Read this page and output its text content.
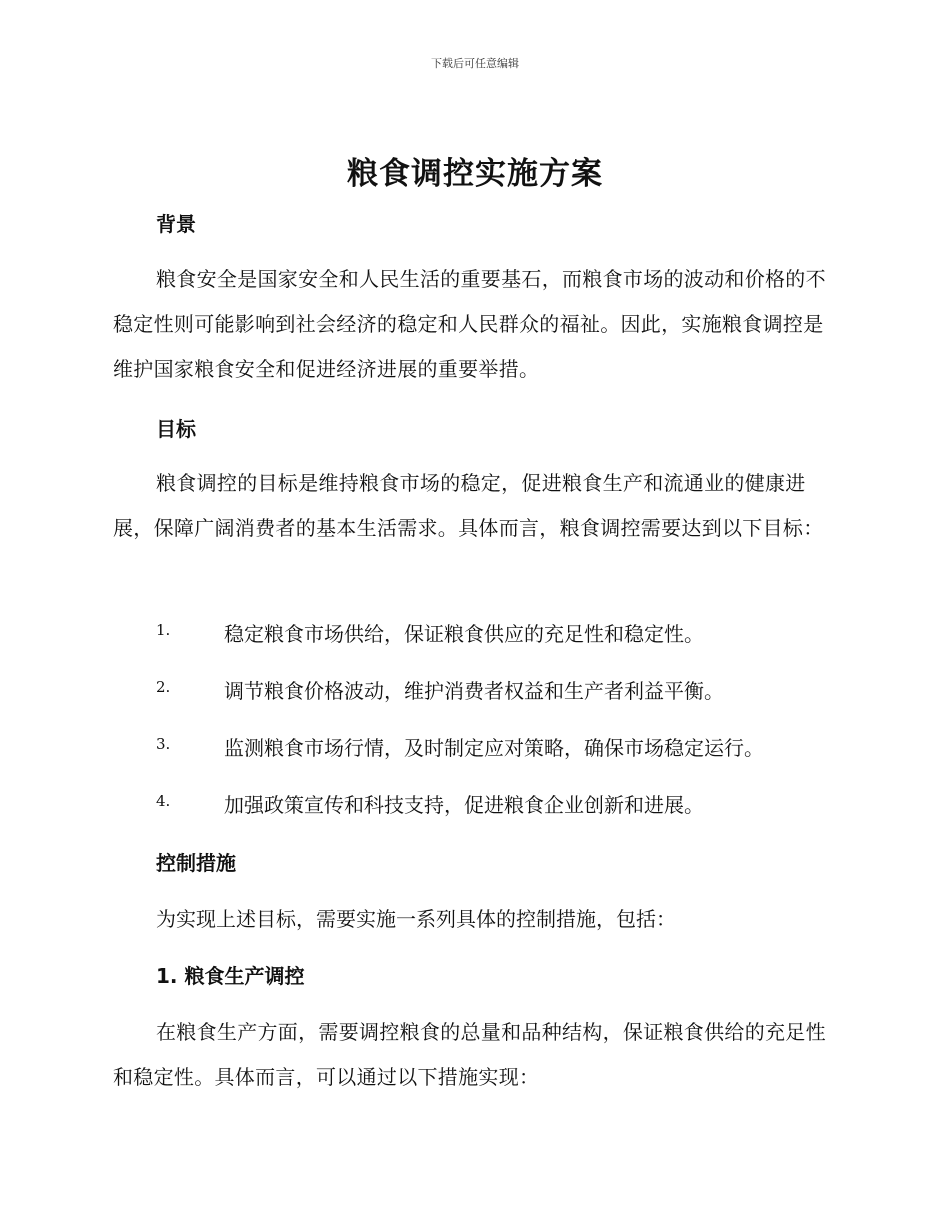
下载后可任意编辑
粮食调控实施方案
背景

粮食安全是国家安全和人民生活的重要基石，而粮食市场的波动和价格的不稳定性则可能影响到社会经济的稳定和人民群众的福祉。因此，实施粮食调控是维护国家粮食安全和促进经济进展的重要举措。

目标

粮食调控的目标是维持粮食市场的稳定，促进粮食生产和流通业的健康进展，保障广阔消费者的基本生活需求。具体而言，粮食调控需要达到以下目标：

1.	稳定粮食市场供给，保证粮食供应的充足性和稳定性。
2.	调节粮食价格波动，维护消费者权益和生产者利益平衡。
3.	监测粮食市场行情，及时制定应对策略，确保市场稳定运行。
4.	加强政策宣传和科技支持，促进粮食企业创新和进展。
控制措施

为实现上述目标，需要实施一系列具体的控制措施，包括：

1. 粮食生产调控

在粮食生产方面，需要调控粮食的总量和品种结构，保证粮食供给的充足性和稳定性。具体而言，可以通过以下措施实现：
